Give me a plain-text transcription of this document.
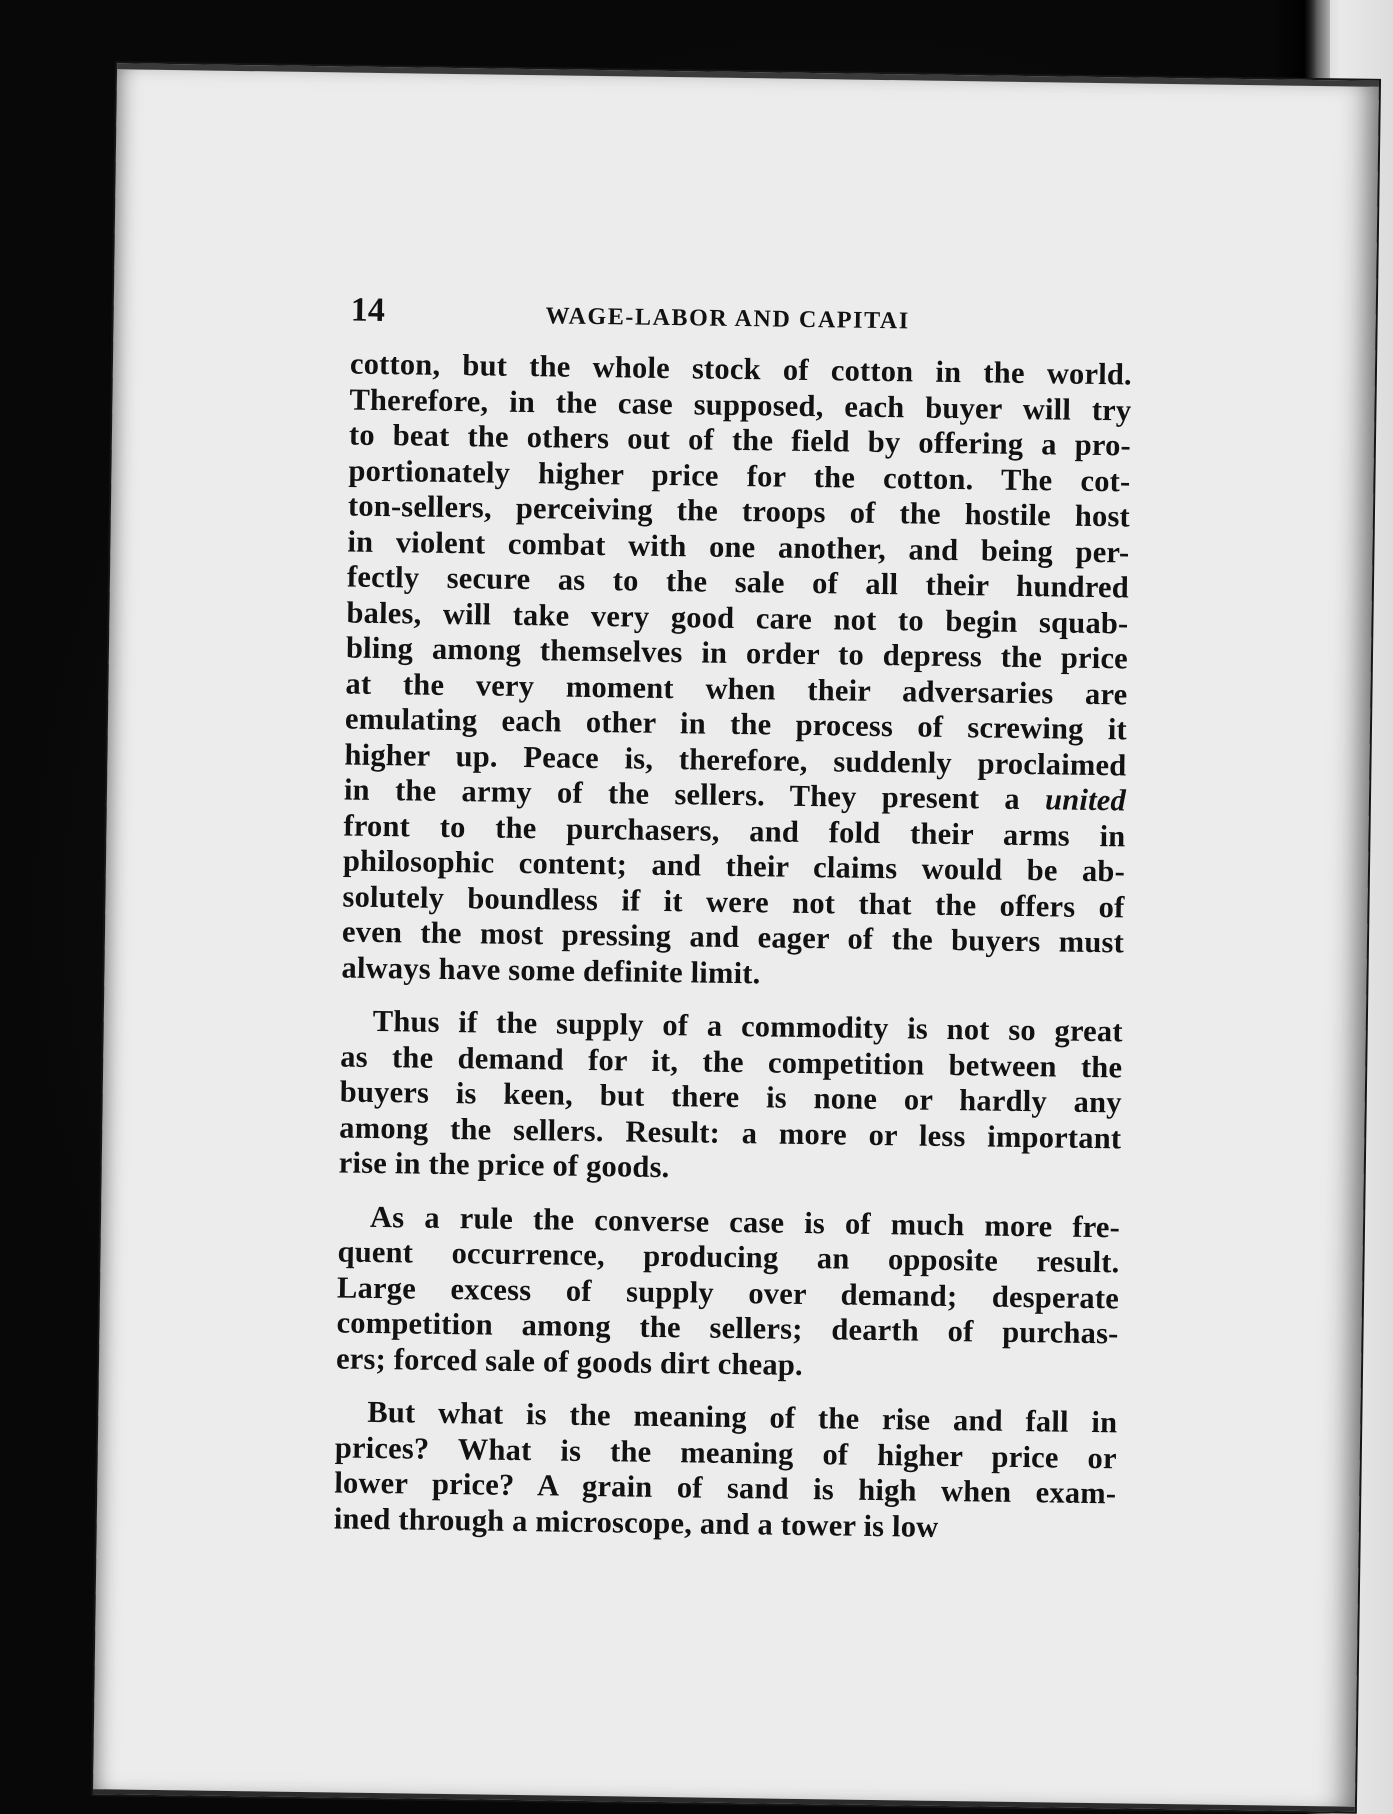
14	WAGE-LABOR AND CAPITAI
cotton, but the whole stock of cotton in the world.
Therefore, in the case supposed, each buyer will try
to beat the others out of the field by offering a pro-
portionately higher price for the cotton. The cot-
ton-sellers, perceiving the troops of the hostile host
in violent combat with one another, and being per-
fectly secure as to the sale of all their hundred
bales, will take very good care not to begin squab-
bling among themselves in order to depress the price
at the very moment when their adversaries are
emulating each other in the process of screwing it
higher up. Peace is, therefore, suddenly proclaimed
in the army of the sellers. They present a united
front to the purchasers, and fold their arms in
philosophic content; and their claims would be ab-
solutely boundless if it were not that the offers of
even the most pressing and eager of the buyers must
always have some definite limit.
Thus if the supply of a commodity is not so great
as the demand for it, the competition between the
buyers is keen, but there is none or hardly any
among the sellers. Result: a more or less important
rise in the price of goods.
As a rule the converse case is of much more fre-
quent occurrence, producing an opposite result.
Large excess of supply over demand; desperate
competition among the sellers; dearth of purchas-
ers; forced sale of goods dirt cheap.
But what is the meaning of the rise and fall in
prices? What is the meaning of higher price or
lower price? A grain of sand is high when exam-
ined through a microscope, and a tower is low
